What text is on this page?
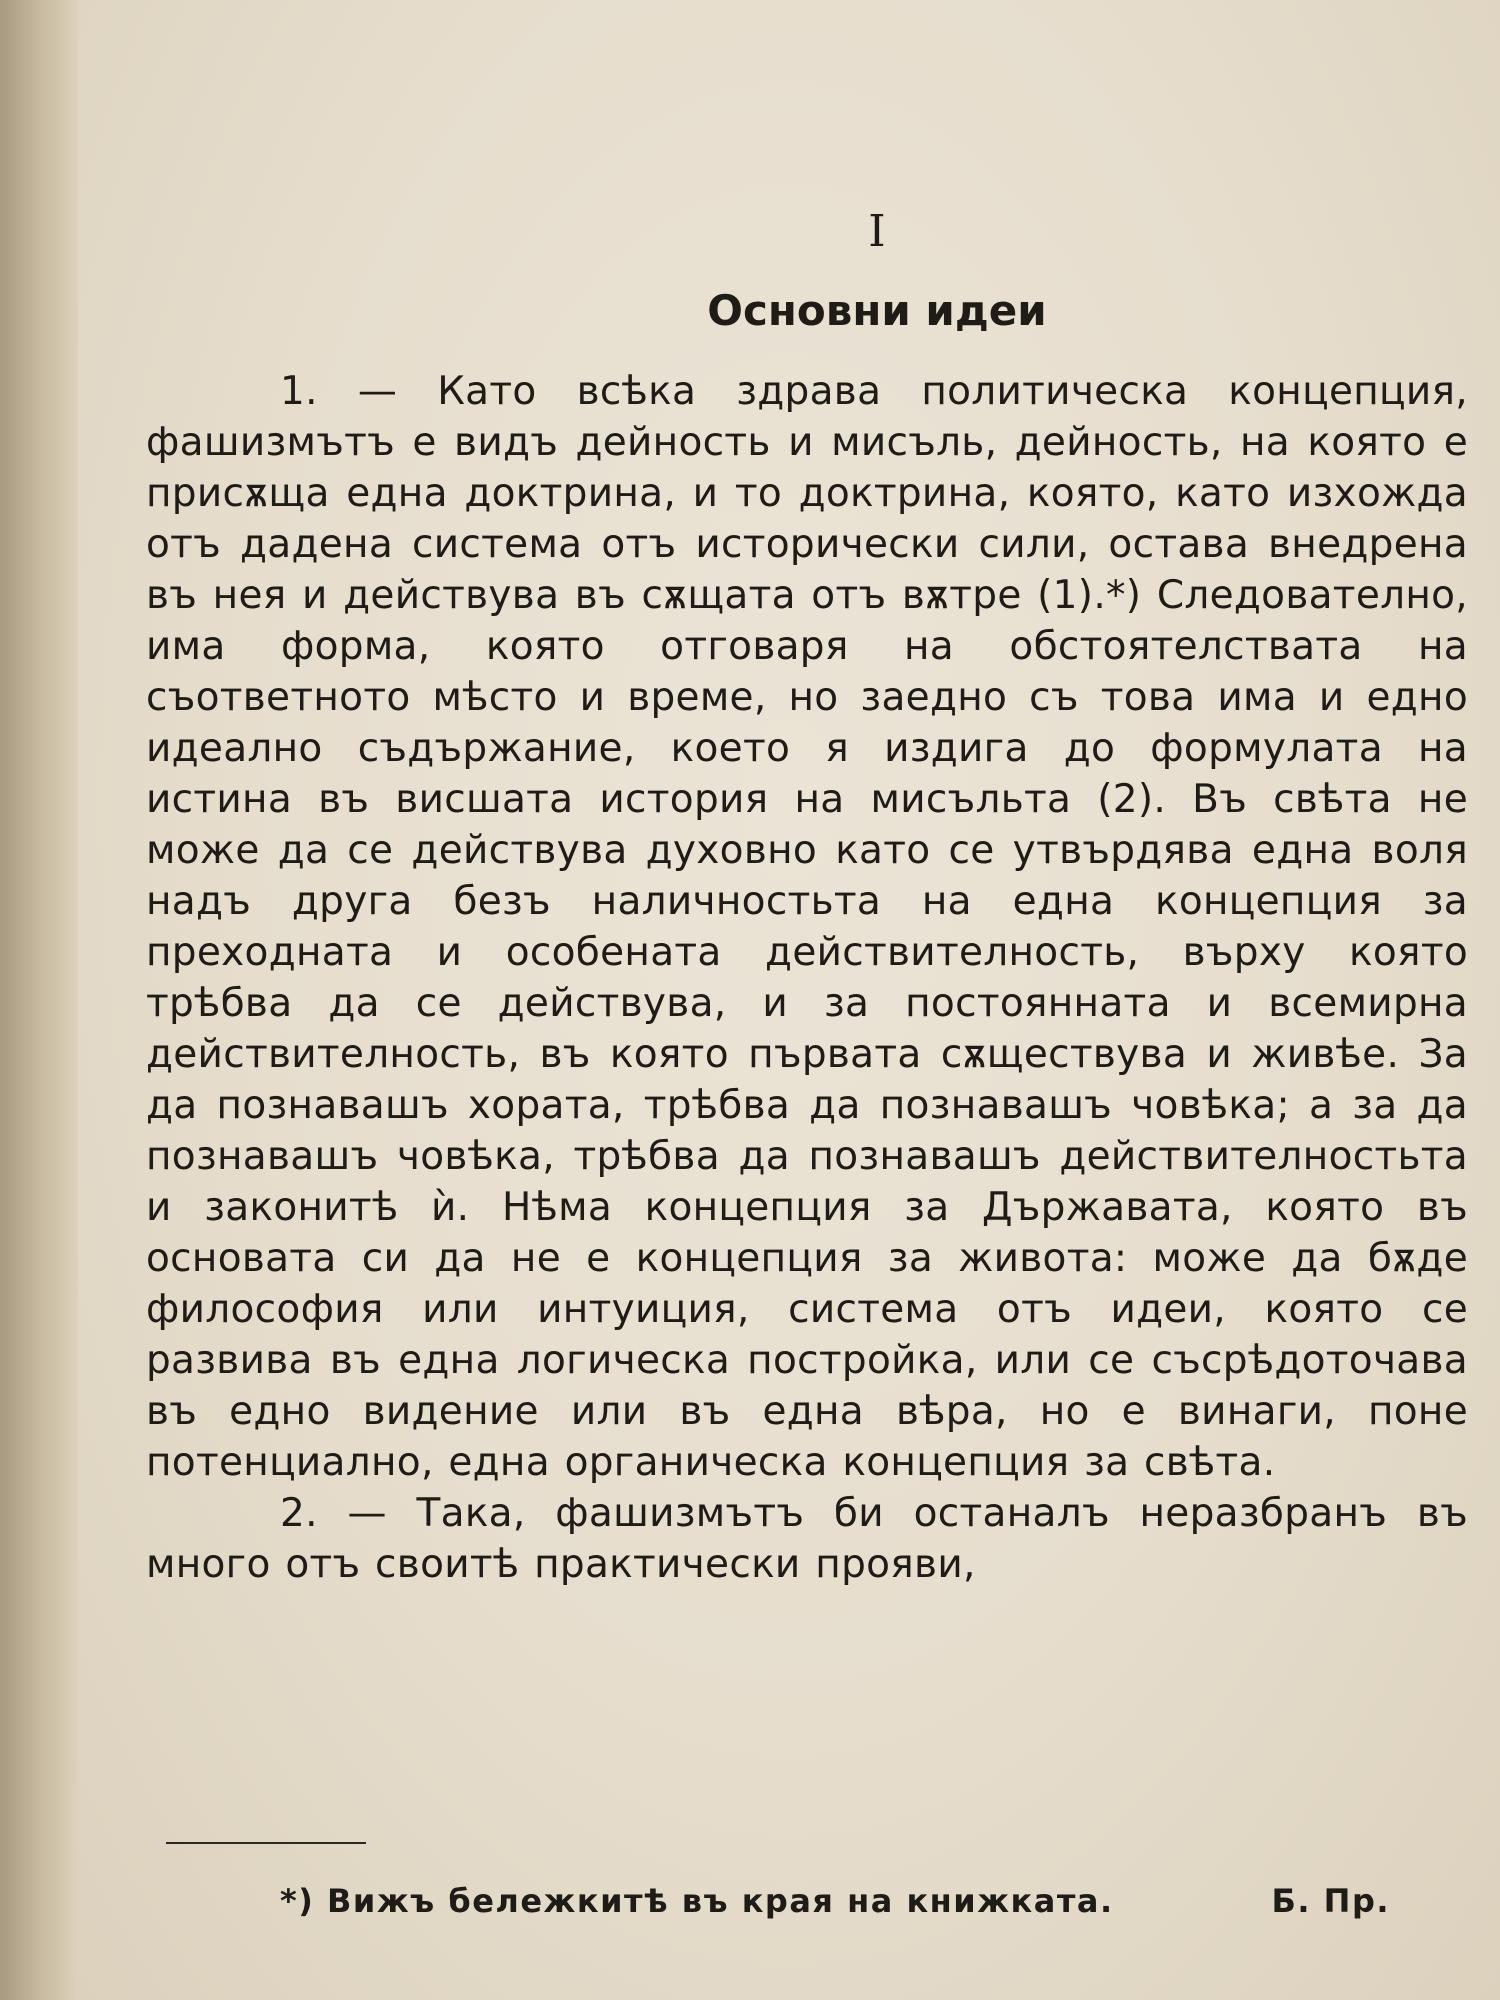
I
Основни идеи

1. — Като всѣка здрава политическа концепция, фашизмътъ е видъ дейность и мисъль, дейность, на която е присѫща една доктрина, и то доктрина, която, като изхожда отъ дадена система отъ исторически сили, остава внедрена въ нея и действува въ сѫщата отъ вѫтре (1).*) Следователно, има форма, която отговаря на обстоятелствата на съответното мѣсто и време, но заедно съ това има и едно идеално съдържание, което я издига до формулата на истина въ висшата история на мисъльта (2). Въ свѣта не може да се действува духовно като се утвърдява една воля надъ друга безъ наличностьта на една концепция за преходната и особената действителность, върху която трѣбва да се действува, и за постоянната и всемирна действителность, въ която първата сѫществува и живѣе. За да познавашъ хората, трѣбва да познавашъ човѣка; а за да познавашъ човѣка, трѣбва да познавашъ действителностьта и законитѣ ѝ. Нѣма концепция за Държавата, която въ основата си да не е концепция за живота: може да бѫде философия или интуиция, система отъ идеи, която се развива въ една логическа постройка, или се съсрѣдоточава въ едно видение или въ една вѣра, но е винаги, поне потенциално, една органическа концепция за свѣта.

2. — Така, фашизмътъ би останалъ неразбранъ въ много отъ своитѣ практически прояви,

*) Вижъ бележкитѣ въ края на книжката.	Б. Пр.
